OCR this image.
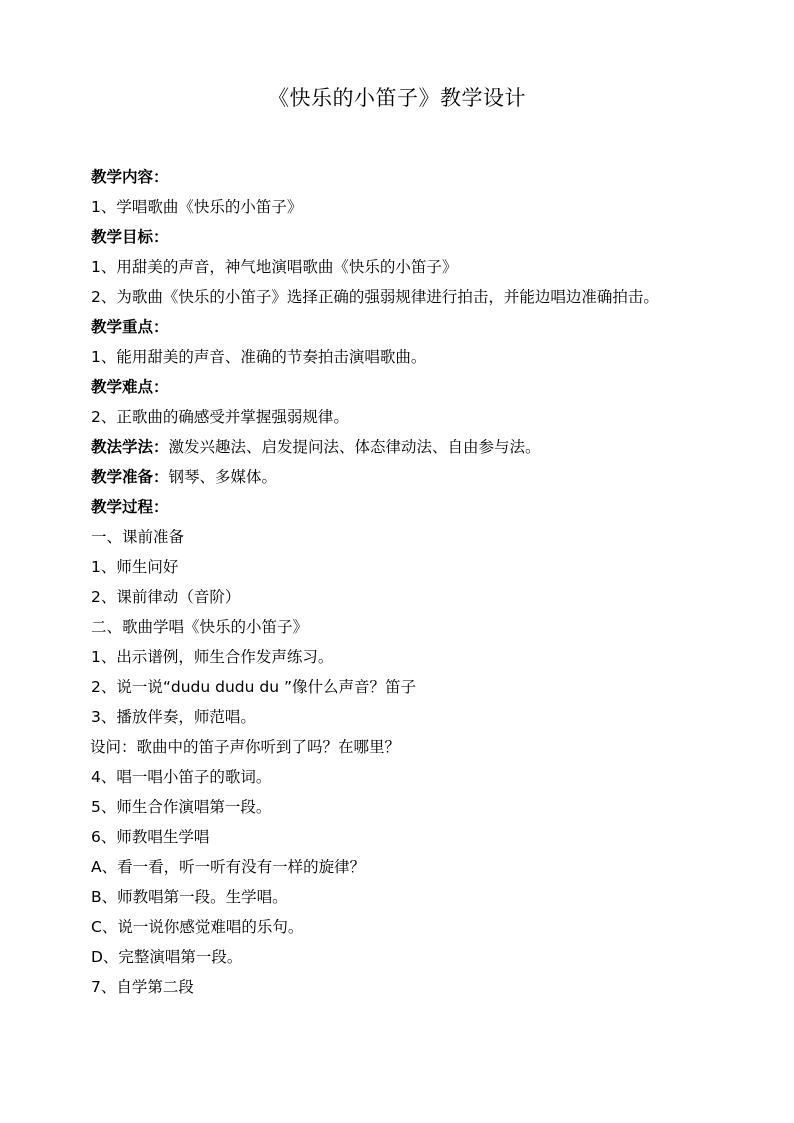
《快乐的小笛子》教学设计
教学内容：
1、学唱歌曲《快乐的小笛子》
教学目标：
1、用甜美的声音，神气地演唱歌曲《快乐的小笛子》
2、为歌曲《快乐的小笛子》选择正确的强弱规律进行拍击，并能边唱边准确拍击。
教学重点：
1、能用甜美的声音、准确的节奏拍击演唱歌曲。
教学难点：
2、正歌曲的确感受并掌握强弱规律。
教法学法：激发兴趣法、启发提问法、体态律动法、自由参与法。
教学准备：钢琴、多媒体。
教学过程：
一、课前准备
1、师生问好
2、课前律动（音阶）
二、歌曲学唱《快乐的小笛子》
1、出示谱例，师生合作发声练习。
2、说一说“dudu dudu du ”像什么声音？笛子
3、播放伴奏，师范唱。
设问：歌曲中的笛子声你听到了吗？在哪里？
4、唱一唱小笛子的歌词。
5、师生合作演唱第一段。
6、师教唱生学唱
A、看一看，听一听有没有一样的旋律？
B、师教唱第一段。生学唱。
C、说一说你感觉难唱的乐句。
D、完整演唱第一段。
7、自学第二段
